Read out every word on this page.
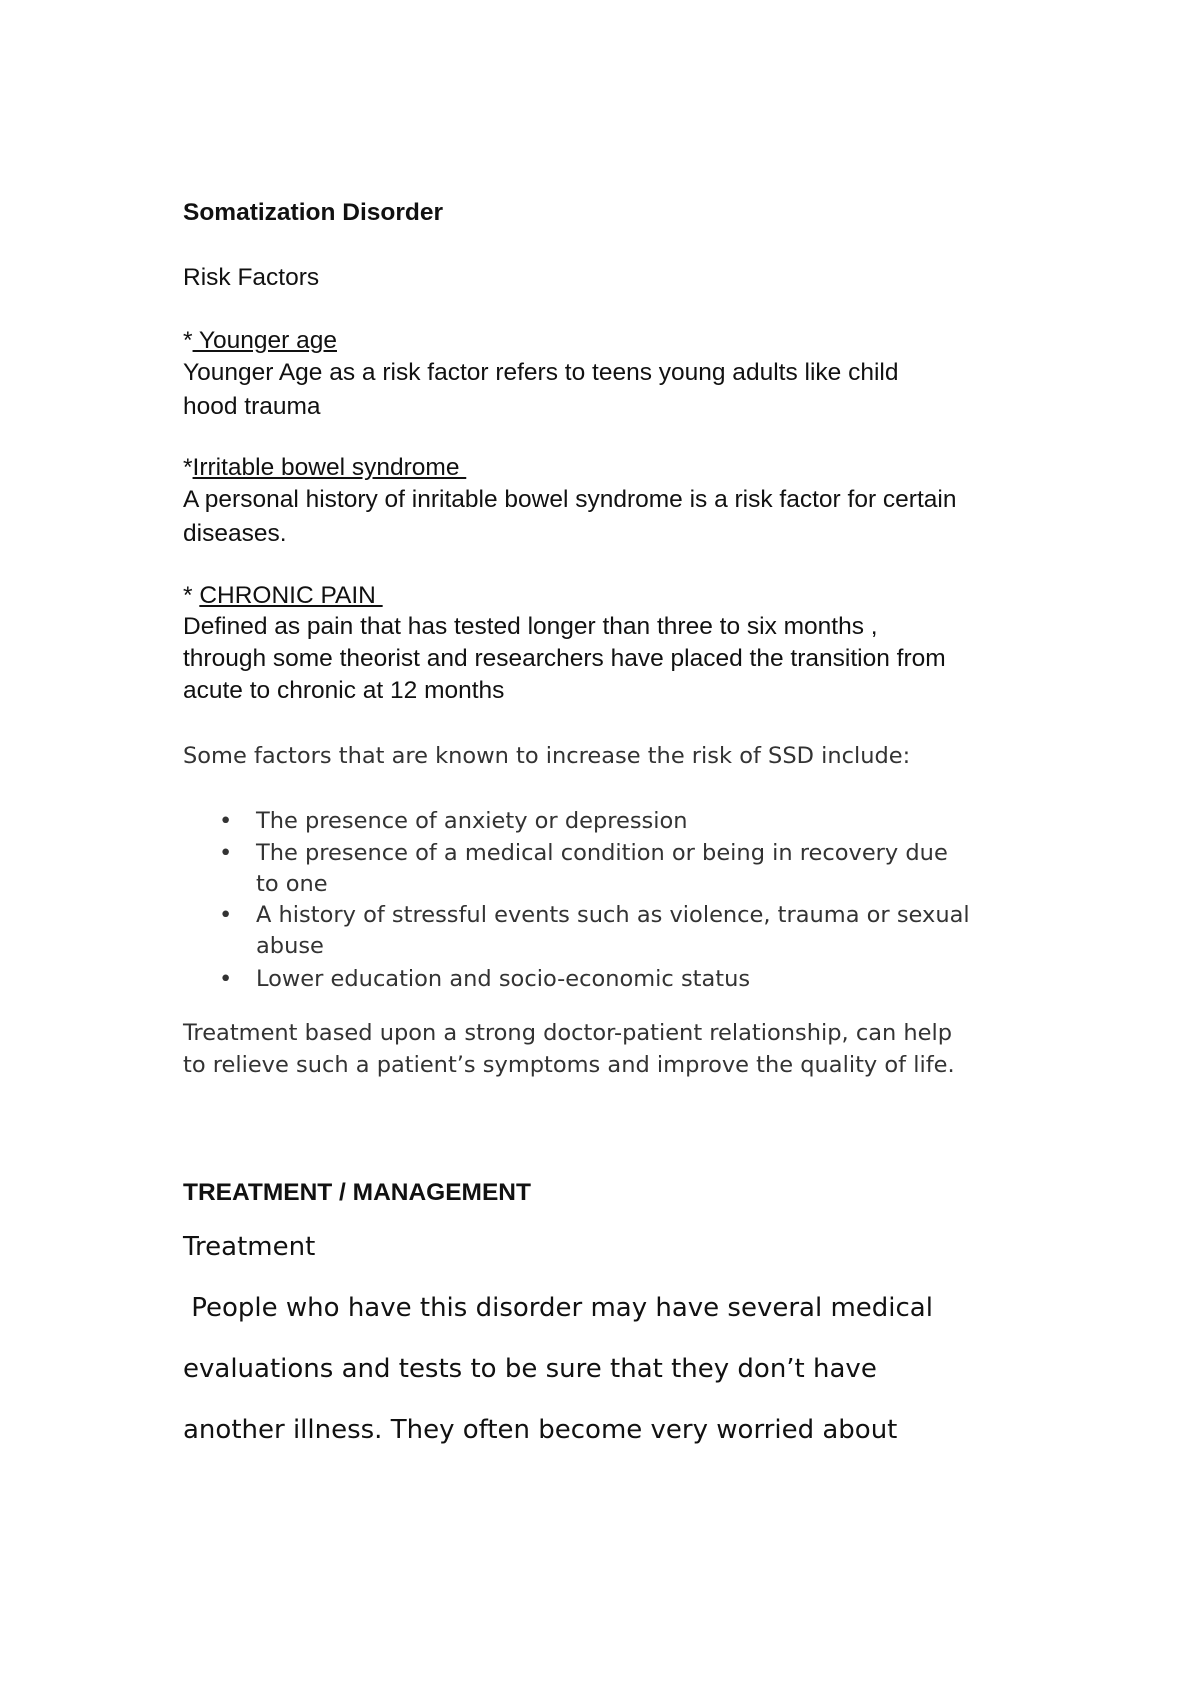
Somatization Disorder
Risk Factors
* Younger age
Younger Age as a risk factor refers to teens young adults like child hood trauma
*Irritable bowel syndrome
A personal history of inritable bowel syndrome is a risk factor for certain diseases.
* CHRONIC PAIN
Defined as pain that has tested longer than three to six months , through some theorist and researchers have placed the transition from acute to chronic at 12 months
Some factors that are known to increase the risk of SSD include:
• The presence of anxiety or depression
• The presence of a medical condition or being in recovery due to one
• A history of stressful events such as violence, trauma or sexual abuse
• Lower education and socio-economic status
Treatment based upon a strong doctor-patient relationship, can help to relieve such a patient’s symptoms and improve the quality of life.
TREATMENT / MANAGEMENT
Treatment
People who have this disorder may have several medical
evaluations and tests to be sure that they don’t have
another illness. They often become very worried about
